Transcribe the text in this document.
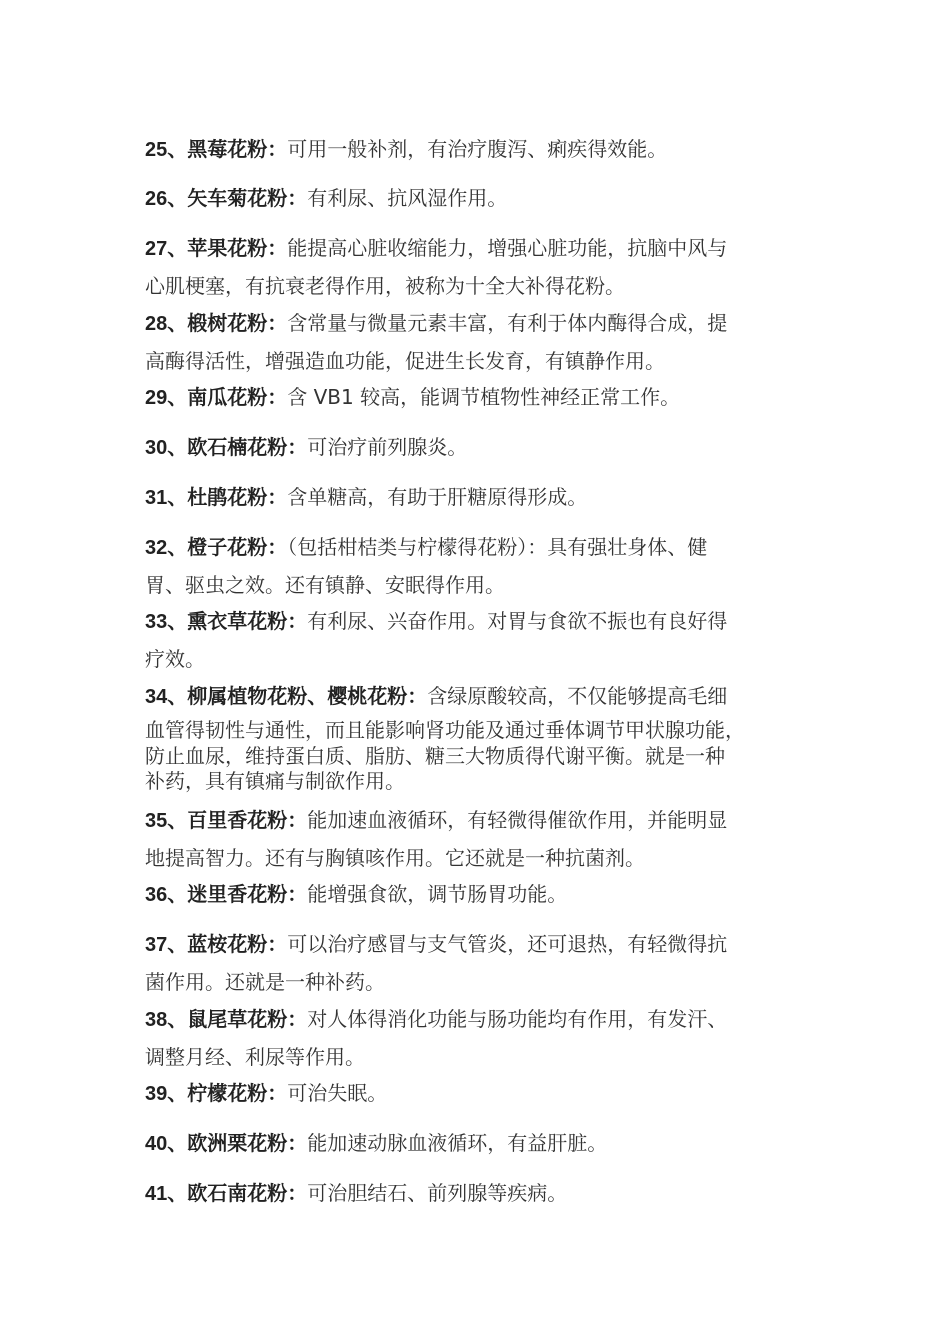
25、黑莓花粉：可用一般补剂，有治疗腹泻、痢疾得效能。
26、矢车菊花粉：有利尿、抗风湿作用。
27、苹果花粉：能提高心脏收缩能力，增强心脏功能，抗脑中风与
心肌梗塞，有抗衰老得作用，被称为十全大补得花粉。
28、椴树花粉：含常量与微量元素丰富，有利于体内酶得合成，提
高酶得活性，增强造血功能，促进生长发育，有镇静作用。
29、南瓜花粉：含 VB1 较高，能调节植物性神经正常工作。
30、欧石楠花粉：可治疗前列腺炎。
31、杜鹃花粉：含单糖高，有助于肝糖原得形成。
32、橙子花粉：（包括柑桔类与柠檬得花粉）：具有强壮身体、健
胃、驱虫之效。还有镇静、安眠得作用。
33、熏衣草花粉：有利尿、兴奋作用。对胃与食欲不振也有良好得
疗效。
34、柳属植物花粉、樱桃花粉：含绿原酸较高，不仅能够提高毛细
血管得韧性与通性，而且能影响肾功能及通过垂体调节甲状腺功能，
防止血尿，维持蛋白质、脂肪、糖三大物质得代谢平衡。就是一种
补药，具有镇痛与制欲作用。
35、百里香花粉：能加速血液循环，有轻微得催欲作用，并能明显
地提高智力。还有与胸镇咳作用。它还就是一种抗菌剂。
36、迷里香花粉：能增强食欲，调节肠胃功能。
37、蓝桉花粉：可以治疗感冒与支气管炎，还可退热，有轻微得抗
菌作用。还就是一种补药。
38、鼠尾草花粉：对人体得消化功能与肠功能均有作用，有发汗、
调整月经、利尿等作用。
39、柠檬花粉：可治失眠。
40、欧洲栗花粉：能加速动脉血液循环，有益肝脏。
41、欧石南花粉：可治胆结石、前列腺等疾病。
